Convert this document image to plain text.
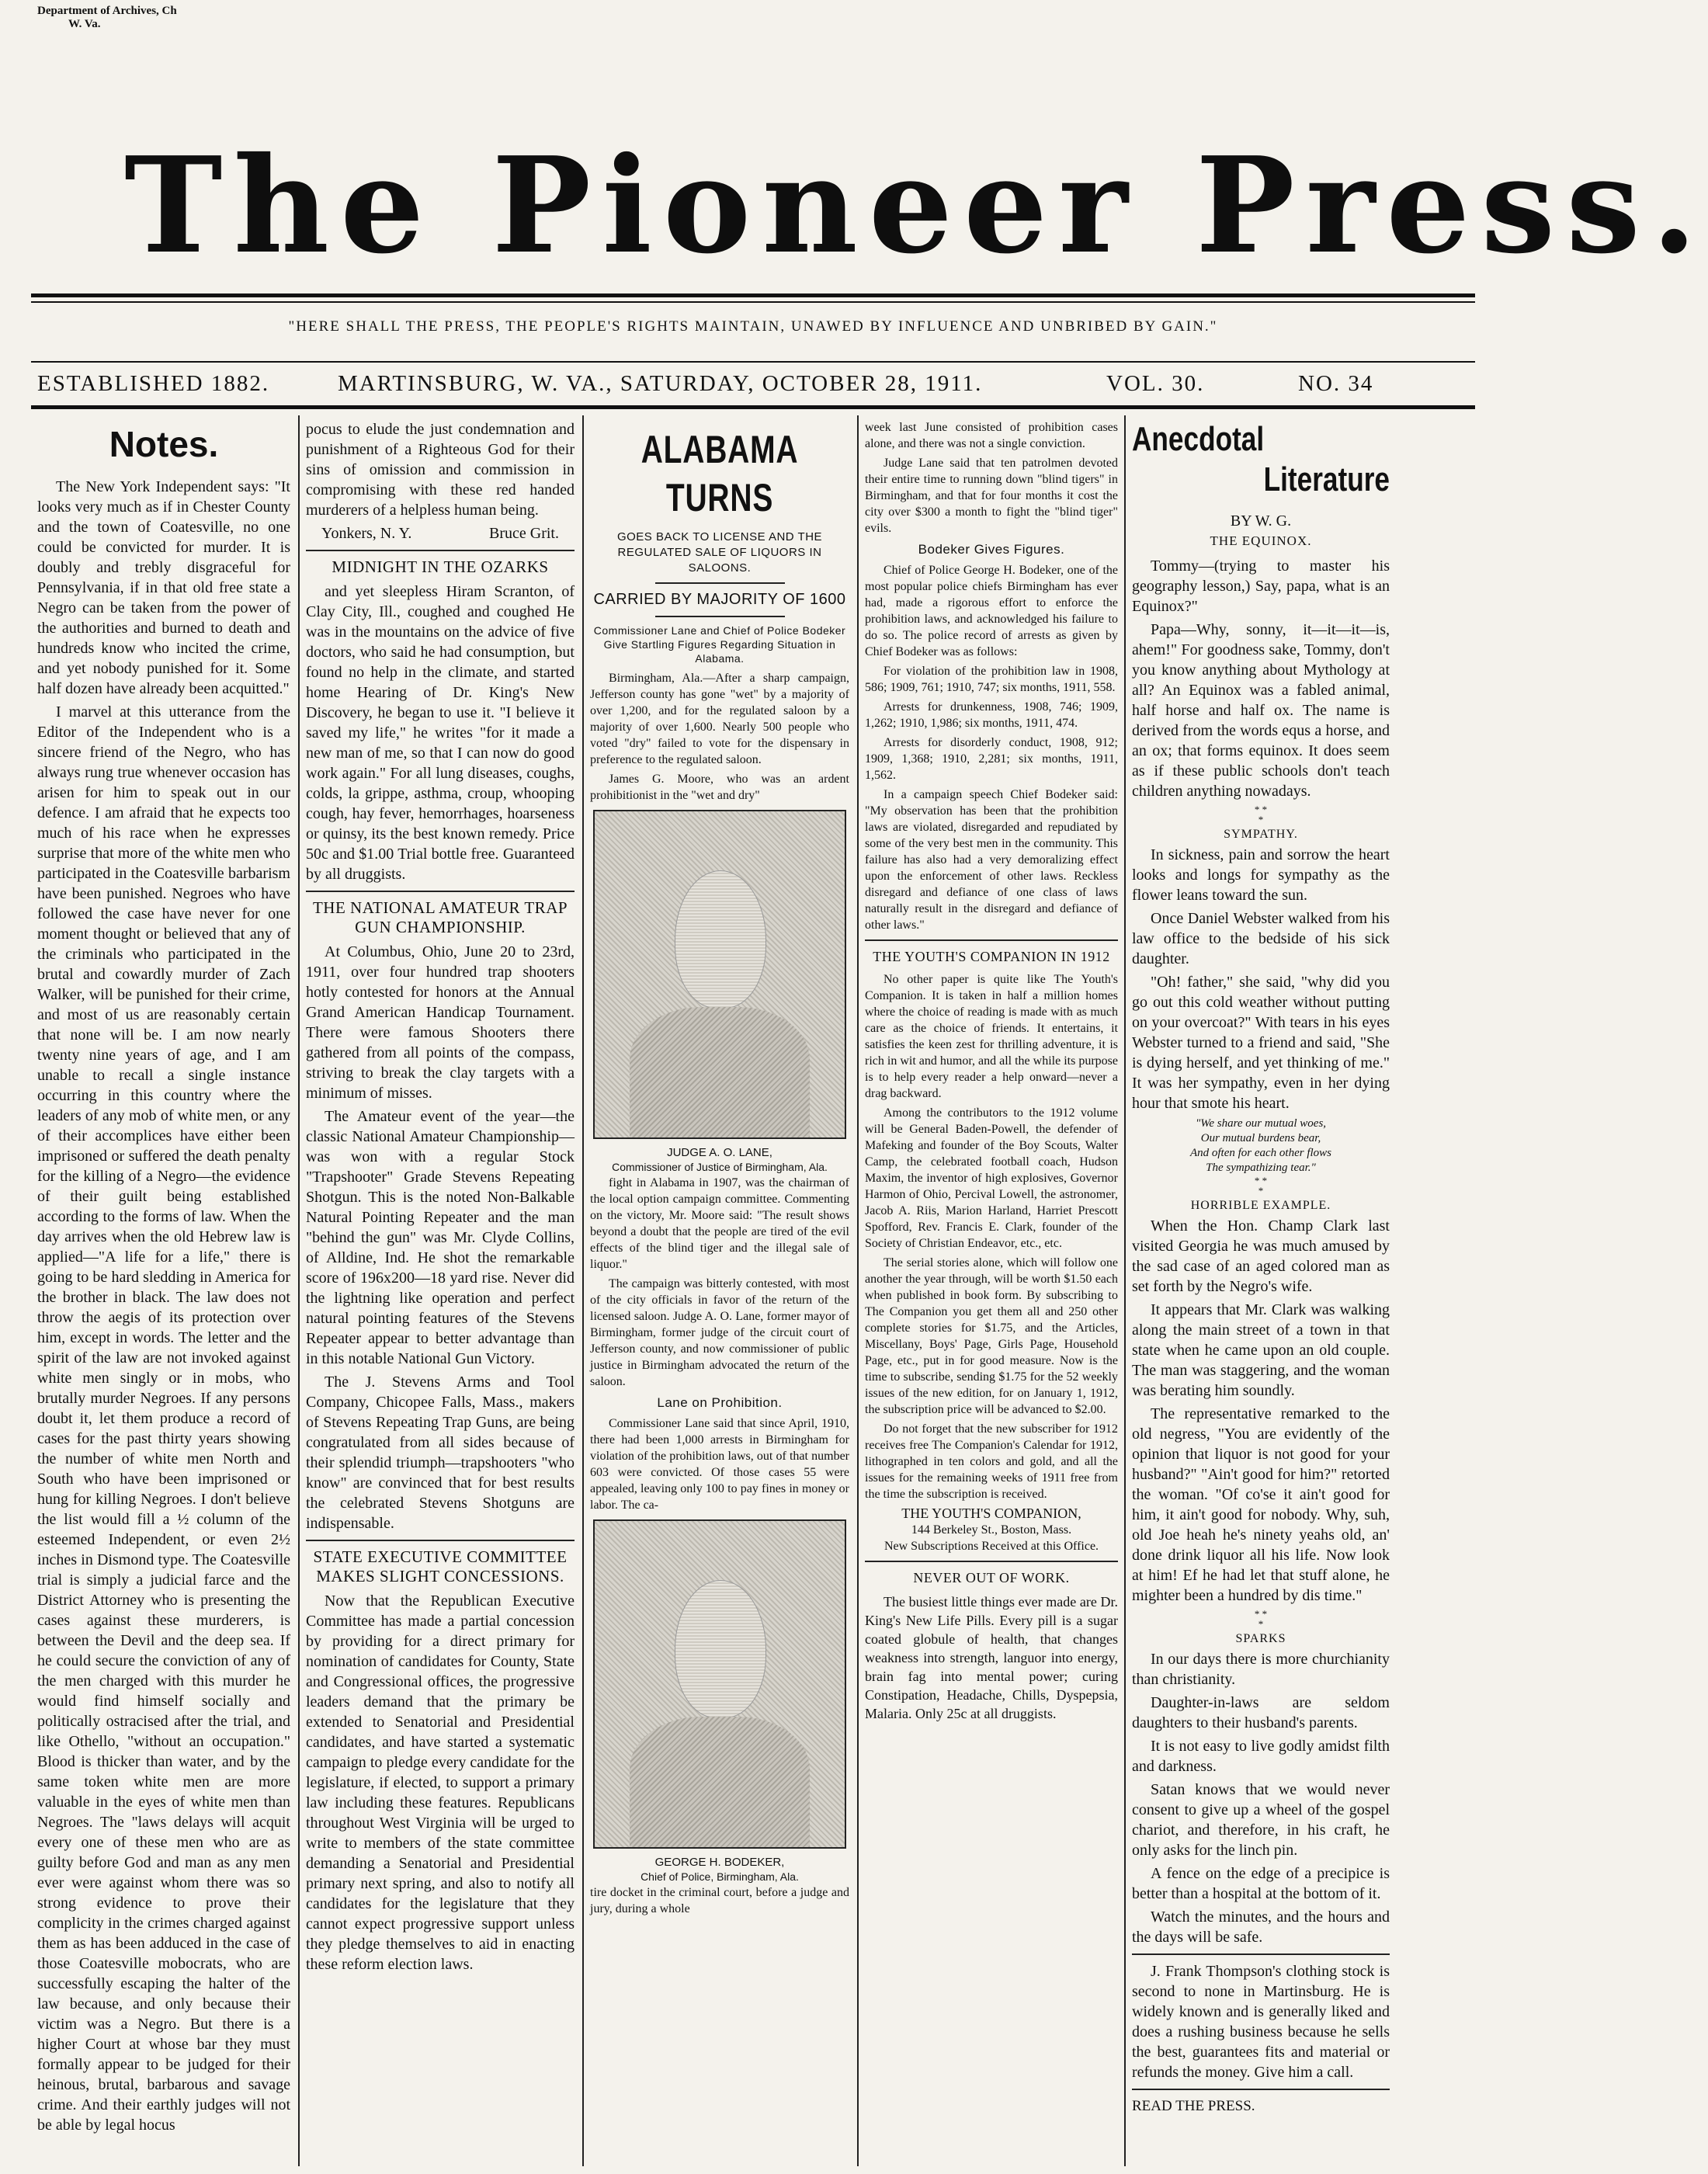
Department of Archives, Ch
W. Va.
The Pioneer Press.
"HERE SHALL THE PRESS, THE PEOPLE'S RIGHTS MAINTAIN, UNAWED BY INFLUENCE AND UNBRIBED BY GAIN."
ESTABLISHED 1882.	MARTINSBURG, W. VA., SATURDAY, OCTOBER 28, 1911.	VOL. 30.	NO. 34
Notes.

The New York Independent says: "It looks very much as if in Chester County and the town of Coatesville, no one could be convicted for murder. It is doubly and trebly disgraceful for Pennsylvania, if in that old free state a Negro can be taken from the power of the authorities and burned to death and hundreds know who incited the crime, and yet nobody punished for it. Some half dozen have already been acquitted."

I marvel at this utterance from the Editor of the Independent who is a sincere friend of the Negro, who has always rung true whenever occasion has arisen for him to speak out in our defence. I am afraid that he expects too much of his race when he expresses surprise that more of the white men who participated in the Coatesville barbarism have been punished. Negroes who have followed the case have never for one moment thought or believed that any of the criminals who participated in the brutal and cowardly murder of Zach Walker, will be punished for their crime, and most of us are reasonably certain that none will be. I am now nearly twenty nine years of age, and I am unable to recall a single instance occurring in this country where the leaders of any mob of white men, or any of their accomplices have either been imprisoned or suffered the death penalty for the killing of a Negro—the evidence of their guilt being established according to the forms of law. When the day arrives when the old Hebrew law is applied—"A life for a life," there is going to be hard sledding in America for the brother in black. The law does not throw the aegis of its protection over him, except in words. The letter and the spirit of the law are not invoked against white men singly or in mobs, who brutally murder Negroes. If any persons doubt it, let them produce a record of cases for the past thirty years showing the number of white men North and South who have been imprisoned or hung for killing Negroes. I don't believe the list would fill a ½ column of the esteemed Independent, or even 2½ inches in Dismond type. The Coatesville trial is simply a judicial farce and the District Attorney who is presenting the cases against these murderers, is between the Devil and the deep sea. If he could secure the conviction of any of the men charged with this murder he would find himself socially and politically ostracised after the trial, and like Othello, "without an occupation." Blood is thicker than water, and by the same token white men are more valuable in the eyes of white men than Negroes. The "laws delays will acquit every one of these men who are as guilty before God and man as any men ever were against whom there was so strong evidence to prove their complicity in the crimes charged against them as has been adduced in the case of those Coatesville mobocrats, who are successfully escaping the halter of the law because, and only because their victim was a Negro. But there is a higher Court at whose bar they must formally appear to be judged for their heinous, brutal, barbarous and savage crime. And their earthly judges will not be able by legal hocus

pocus to elude the just condemnation and punishment of a Righteous God for their sins of omission and commission in compromising with these red handed murderers of a helpless human being.

Yonkers, N. Y.	Bruce Grit.
MIDNIGHT IN THE OZARKS

and yet sleepless Hiram Scranton, of Clay City, Ill., coughed and coughed He was in the mountains on the advice of five doctors, who said he had consumption, but found no help in the climate, and started home Hearing of Dr. King's New Discovery, he began to use it. "I believe it saved my life," he writes "for it made a new man of me, so that I can now do good work again." For all lung diseases, coughs, colds, la grippe, asthma, croup, whooping cough, hay fever, hemorrhages, hoarseness or quinsy, its the best known remedy. Price 50c and $1.00 Trial bottle free. Guaranteed by all druggists.

THE NATIONAL AMATEUR TRAP GUN CHAMPIONSHIP.

At Columbus, Ohio, June 20 to 23rd, 1911, over four hundred trap shooters hotly contested for honors at the Annual Grand American Handicap Tournament. There were famous Shooters there gathered from all points of the compass, striving to break the clay targets with a minimum of misses.

The Amateur event of the year—the classic National Amateur Championship—was won with a regular Stock "Trapshooter" Grade Stevens Repeating Shotgun. This is the noted Non-Balkable Natural Pointing Repeater and the man "behind the gun" was Mr. Clyde Collins, of Alldine, Ind. He shot the remarkable score of 196x200—18 yard rise. Never did the lightning like operation and perfect natural pointing features of the Stevens Repeater appear to better advantage than in this notable National Gun Victory.

The J. Stevens Arms and Tool Company, Chicopee Falls, Mass., makers of Stevens Repeating Trap Guns, are being congratulated from all sides because of their splendid triumph—trapshooters "who know" are convinced that for best results the celebrated Stevens Shotguns are indispensable.

STATE EXECUTIVE COMMITTEE MAKES SLIGHT CONCESSIONS.

Now that the Republican Executive Committee has made a partial concession by providing for a direct primary for nomination of candidates for County, State and Congressional offices, the progressive leaders demand that the primary be extended to Senatorial and Presidential candidates, and have started a systematic campaign to pledge every candidate for the legislature, if elected, to support a primary law including these features. Republicans throughout West Virginia will be urged to write to members of the state committee demanding a Senatorial and Presidential primary next spring, and also to notify all candidates for the legislature that they cannot expect progressive support unless they pledge themselves to aid in enacting these reform election laws.

ALABAMA TURNS
GOES BACK TO LICENSE AND THE REGULATED SALE OF LIQUORS IN SALOONS.
CARRIED BY MAJORITY OF 1600
Commissioner Lane and Chief of Police Bodeker Give Startling Figures Regarding Situation in Alabama.

Birmingham, Ala.—After a sharp campaign, Jefferson county has gone "wet" by a majority of over 1,200, and for the regulated saloon by a majority of over 1,600. Nearly 500 people who voted "dry" failed to vote for the dispensary in preference to the regulated saloon.

James G. Moore, who was an ardent prohibitionist in the "wet and dry"

JUDGE A. O. LANE,
Commissioner of Justice of Birmingham, Ala.

fight in Alabama in 1907, was the chairman of the local option campaign committee. Commenting on the victory, Mr. Moore said: "The result shows beyond a doubt that the people are tired of the evil effects of the blind tiger and the illegal sale of liquor."

The campaign was bitterly contested, with most of the city officials in favor of the return of the licensed saloon. Judge A. O. Lane, former mayor of Birmingham, former judge of the circuit court of Jefferson county, and now commissioner of public justice in Birmingham advocated the return of the saloon.

Lane on Prohibition.

Commissioner Lane said that since April, 1910, there had been 1,000 arrests in Birmingham for violation of the prohibition laws, out of that number 603 were convicted. Of those cases 55 were appealed, leaving only 100 to pay fines in money or labor. The ca-

GEORGE H. BODEKER,
Chief of Police, Birmingham, Ala.

tire docket in the criminal court, before a judge and jury, during a whole

week last June consisted of prohibition cases alone, and there was not a single conviction.

Judge Lane said that ten patrolmen devoted their entire time to running down "blind tigers" in Birmingham, and that for four months it cost the city over $300 a month to fight the "blind tiger" evils.

Bodeker Gives Figures.

Chief of Police George H. Bodeker, one of the most popular police chiefs Birmingham has ever had, made a rigorous effort to enforce the prohibition laws, and acknowledged his failure to do so. The police record of arrests as given by Chief Bodeker was as follows:

For violation of the prohibition law in 1908, 586; 1909, 761; 1910, 747; six months, 1911, 558.

Arrests for drunkenness, 1908, 746; 1909, 1,262; 1910, 1,986; six months, 1911, 474.

Arrests for disorderly conduct, 1908, 912; 1909, 1,368; 1910, 2,281; six months, 1911, 1,562.

In a campaign speech Chief Bodeker said: "My observation has been that the prohibition laws are violated, disregarded and repudiated by some of the very best men in the community. This failure has also had a very demoralizing effect upon the enforcement of other laws. Reckless disregard and defiance of one class of laws naturally result in the disregard and defiance of other laws."

THE YOUTH'S COMPANION IN 1912

No other paper is quite like The Youth's Companion. It is taken in half a million homes where the choice of reading is made with as much care as the choice of friends. It entertains, it satisfies the keen zest for thrilling adventure, it is rich in wit and humor, and all the while its purpose is to help every reader a help onward—never a drag backward.

Among the contributors to the 1912 volume will be General Baden-Powell, the defender of Mafeking and founder of the Boy Scouts, Walter Camp, the celebrated football coach, Hudson Maxim, the inventor of high explosives, Governor Harmon of Ohio, Percival Lowell, the astronomer, Jacob A. Riis, Marion Harland, Harriet Prescott Spofford, Rev. Francis E. Clark, founder of the Society of Christian Endeavor, etc., etc.

The serial stories alone, which will follow one another the year through, will be worth $1.50 each when published in book form. By subscribing to The Companion you get them all and 250 other complete stories for $1.75, and the Articles, Miscellany, Boys' Page, Girls Page, Household Page, etc., put in for good measure. Now is the time to subscribe, sending $1.75 for the 52 weekly issues of the new edition, for on January 1, 1912, the subscription price will be advanced to $2.00.

Do not forget that the new subscriber for 1912 receives free The Companion's Calendar for 1912, lithographed in ten colors and gold, and all the issues for the remaining weeks of 1911 free from the time the subscription is received.

THE YOUTH'S COMPANION,
144 Berkeley St., Boston, Mass.
New Subscriptions Received at this Office.
NEVER OUT OF WORK.

The busiest little things ever made are Dr. King's New Life Pills. Every pill is a sugar coated globule of health, that changes weakness into strength, languor into energy, brain fag into mental power; curing Constipation, Headache, Chills, Dyspepsia, Malaria. Only 25c at all druggists.

Anecdotal
Literature
BY W. G.
THE EQUINOX.

Tommy—(trying to master his geography lesson,) Say, papa, what is an Equinox?"

Papa—Why, sonny, it—it—it—is, ahem!" For goodness sake, Tommy, don't you know anything about Mythology at all? An Equinox was a fabled animal, half horse and half ox. The name is derived from the words equs a horse, and an ox; that forms equinox. It does seem as if these public schools don't teach children anything nowadays.

* *
*
SYMPATHY.

In sickness, pain and sorrow the heart looks and longs for sympathy as the flower leans toward the sun.

Once Daniel Webster walked from his law office to the bedside of his sick daughter.

"Oh! father," she said, "why did you go out this cold weather without putting on your overcoat?" With tears in his eyes Webster turned to a friend and said, "She is dying herself, and yet thinking of me." It was her sympathy, even in her dying hour that smote his heart.

"We share our mutual woes,
Our mutual burdens bear,
And often for each other flows
The sympathizing tear."
* *
*
HORRIBLE EXAMPLE.

When the Hon. Champ Clark last visited Georgia he was much amused by the sad case of an aged colored man as set forth by the Negro's wife.

It appears that Mr. Clark was walking along the main street of a town in that state when he came upon an old couple. The man was staggering, and the woman was berating him soundly.

The representative remarked to the old negress, "You are evidently of the opinion that liquor is not good for your husband?" "Ain't good for him?" retorted the woman. "Of co'se it ain't good for him, it ain't good for nobody. Why, suh, old Joe heah he's ninety yeahs old, an' done drink liquor all his life. Now look at him! Ef he had let that stuff alone, he mighter been a hundred by dis time."

* *
*
SPARKS

In our days there is more churchianity than christianity.

Daughter-in-laws are seldom daughters to their husband's parents.

It is not easy to live godly amidst filth and darkness.

Satan knows that we would never consent to give up a wheel of the gospel chariot, and therefore, in his craft, he only asks for the linch pin.

A fence on the edge of a precipice is better than a hospital at the bottom of it.

Watch the minutes, and the hours and the days will be safe.

J. Frank Thompson's clothing stock is second to none in Martinsburg. He is widely known and is generally liked and does a rushing business because he sells the best, guarantees fits and material or refunds the money. Give him a call.

READ THE PRESS.
